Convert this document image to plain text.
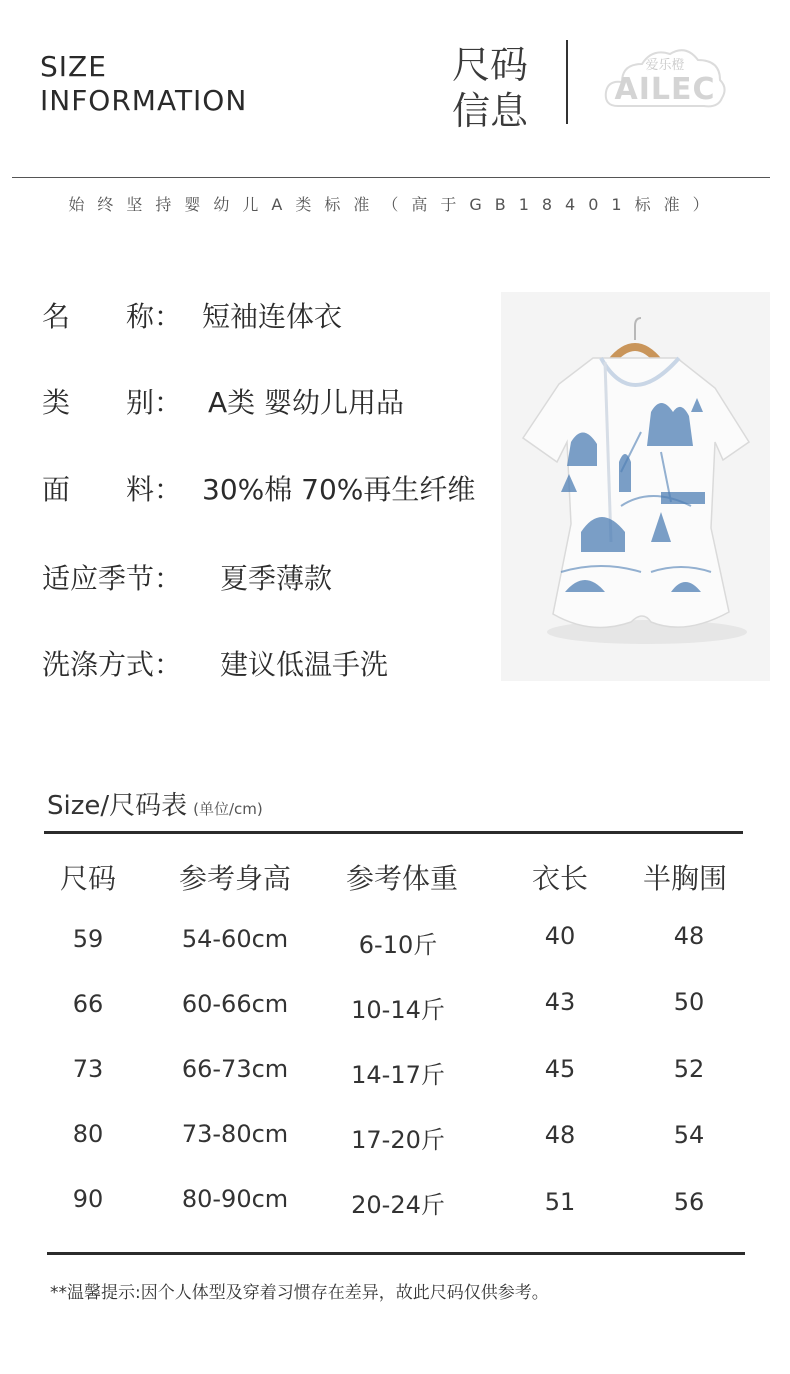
SIZE
INFORMATION
尺码
信息
爱乐橙
AILEC
始终坚持婴幼儿A类标准（高于GB18401标准）
名　　称： 短袖连体衣
类　　别： A类 婴幼儿用品
面　　料： 30%棉 70%再生纤维
适应季节： 夏季薄款
洗涤方式： 建议低温手洗
Size/尺码表 (单位/cm)
尺码	参考身高	参考体重	衣长	半胸围
59	54-60cm	6-10斤	40	48
66	60-66cm	10-14斤	43	50
73	66-73cm	14-17斤	45	52
80	73-80cm	17-20斤	48	54
90	80-90cm	20-24斤	51	56
**温馨提示:因个人体型及穿着习惯存在差异，故此尺码仅供参考。
